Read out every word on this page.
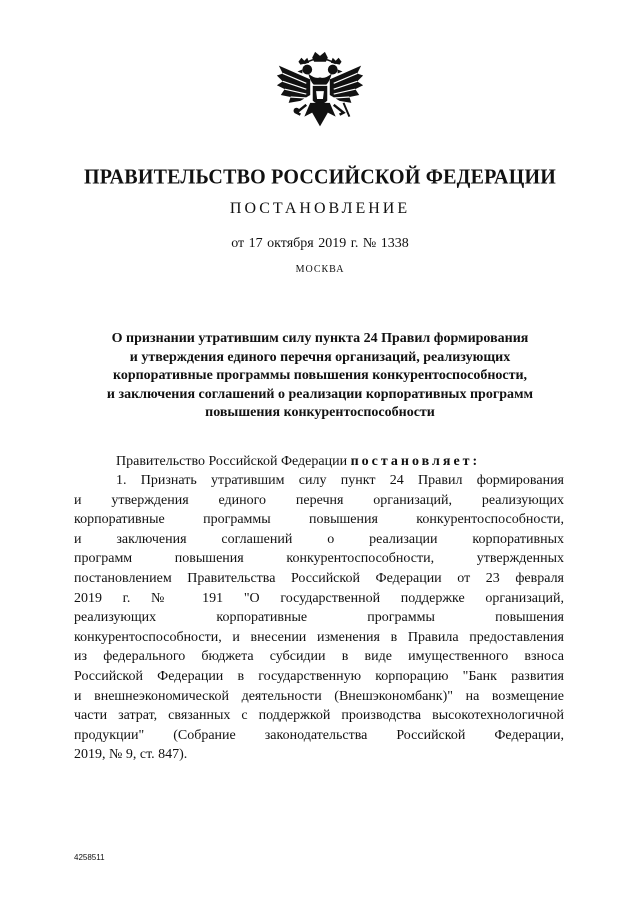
ПРАВИТЕЛЬСТВО РОССИЙСКОЙ ФЕДЕРАЦИИ
ПОСТАНОВЛЕНИЕ
от 17 октября 2019 г. № 1338
МОСКВА
О признании утратившим силу пункта 24 Правил формирования
и утверждения единого перечня организаций, реализующих
корпоративные программы повышения конкурентоспособности,
и заключения соглашений о реализации корпоративных программ
повышения конкурентоспособности
Правительство Российской Федерации постановляет:
1. Признать утратившим силу пункт 24 Правил формирования
и утверждения единого перечня организаций, реализующих
корпоративные программы повышения конкурентоспособности,
и заключения соглашений о реализации корпоративных
программ повышения конкурентоспособности, утвержденных
постановлением Правительства Российской Федерации от 23 февраля
2019 г. № 191 "О государственной поддержке организаций,
реализующих корпоративные программы повышения
конкурентоспособности, и внесении изменения в Правила предоставления
из федерального бюджета субсидии в виде имущественного взноса
Российской Федерации в государственную корпорацию "Банк развития
и внешнеэкономической деятельности (Внешэкономбанк)" на возмещение
части затрат, связанных с поддержкой производства высокотехнологичной
продукции" (Собрание законодательства Российской Федерации,
2019, № 9, ст. 847).
4258511
